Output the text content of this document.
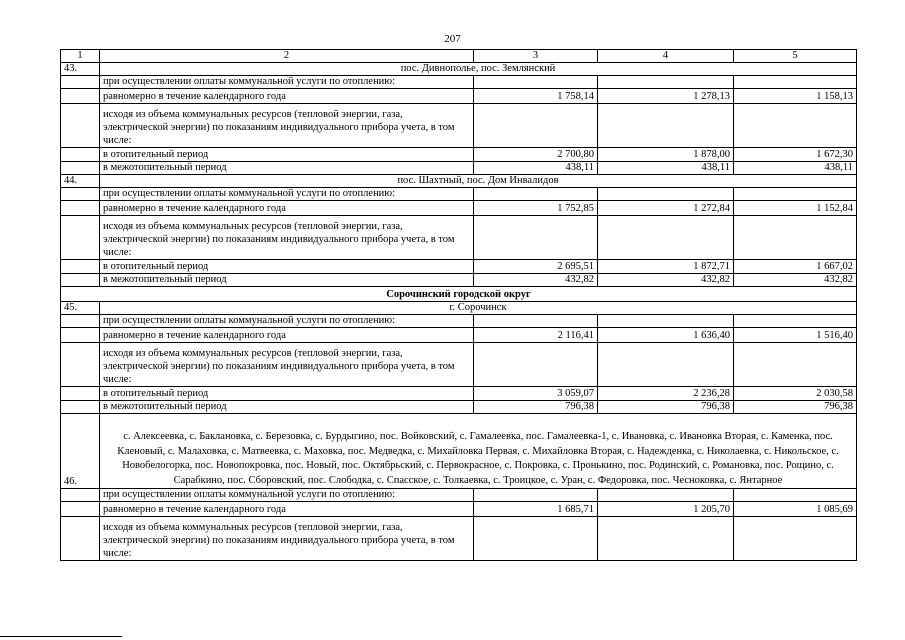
207
1	2	3	4	5
43.	пос. Дивнополье, пос. Землянский			
	при осуществлении оплаты коммунальной услуги по отоплению:			
	равномерно в течение календарного года	1 758,14	1 278,13	1 158,13
	исходя из объема коммунальных ресурсов (тепловой энергии, газа, электрической энергии) по показаниям индивидуального прибора учета, в том числе:			
	в отопительный период	2 700,80	1 878,00	1 672,30
	в межотопительный период	438,11	438,11	438,11
44.	пос. Шахтный, пос. Дом Инвалидов			
	при осуществлении оплаты коммунальной услуги по отоплению:			
	равномерно в течение календарного года	1 752,85	1 272,84	1 152,84
	исходя из объема коммунальных ресурсов (тепловой энергии, газа, электрической энергии) по показаниям индивидуального прибора учета, в том числе:			
	в отопительный период	2 695,51	1 872,71	1 667,02
	в межотопительный период	432,82	432,82	432,82
Сорочинский городской округ				
45.	г. Сорочинск			
	при осуществлении оплаты коммунальной услуги по отоплению:			
	равномерно в течение календарного года	2 116,41	1 636,40	1 516,40
	исходя из объема коммунальных ресурсов (тепловой энергии, газа, электрической энергии) по показаниям индивидуального прибора учета, в том числе:			
	в отопительный период	3 059,07	2 236,28	2 030,58
	в межотопительный период	796,38	796,38	796,38
46.	с. Алексеевка, с. Баклановка, с. Березовка, с. Бурдыгино, пос. Войковский, с. Гамалеевка, пос. Гамалеевка-1, с. Ивановка, с. Ивановка Вторая, с. Каменка, пос. Кленовый, с. Малаховка, с. Матвеевка, с. Маховка, пос. Медведка, с. Михайловка Первая, с. Михайловка Вторая, с. Надежденка, с. Николаевка, с. Никольское, с. Новобелогорка, пос. Новопокровка, пос. Новый, пос. Октябрьский, с. Первокрасное, с. Покровка, с. Пронькино, пос. Родинский, с. Романовка, пос. Рощино, с. Сарабкино, пос. Сборовский, пос. Слободка, с. Спасское, с. Толкаевка, с. Троицкое, с. Уран, с. Федоровка, пос. Чесноковка, с. Янтарное			
	при осуществлении оплаты коммунальной услуги по отоплению:			
	равномерно в течение календарного года	1 685,71	1 205,70	1 085,69
	исходя из объема коммунальных ресурсов (тепловой энергии, газа, электрической энергии) по показаниям индивидуального прибора учета, в том числе:			
